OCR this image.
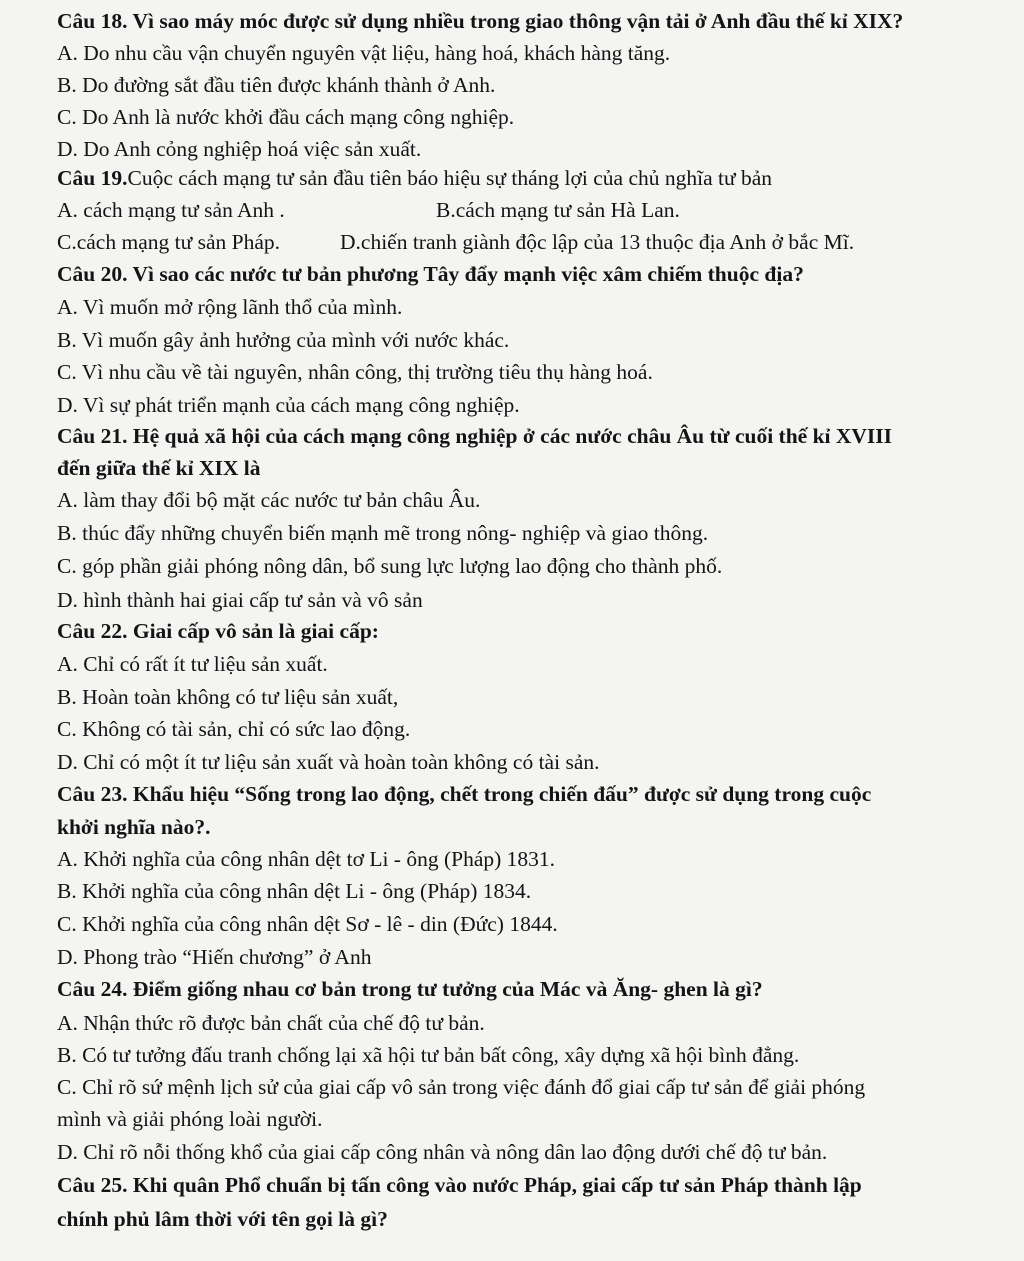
Câu 18. Vì sao máy móc được sử dụng nhiều trong giao thông vận tải ở Anh đầu thế kỉ XIX?
A. Do nhu cầu vận chuyển nguyên vật liệu, hàng hoá, khách hàng tăng.
B. Do đường sắt đầu tiên được khánh thành ở Anh.
C. Do Anh là nước khởi đầu cách mạng công nghiệp.
D. Do Anh cỏng nghiệp hoá việc sản xuất.
Câu 19.Cuộc cách mạng tư sản đầu tiên báo hiệu sự tháng lợi của chủ nghĩa tư bản
A. cách mạng tư sản Anh .	B.cách mạng tư sản Hà Lan.
C.cách mạng tư sản Pháp.	D.chiến tranh giành độc lập của 13 thuộc địa Anh ở bắc Mĩ.
Câu 20. Vì sao các nước tư bản phương Tây đẩy mạnh việc xâm chiếm thuộc địa?
A. Vì muốn mở rộng lãnh thổ của mình.
B. Vì muốn gây ảnh hưởng của mình với nước khác.
C. Vì nhu cầu về tài nguyên, nhân công, thị trường tiêu thụ hàng hoá.
D. Vì sự phát triển mạnh của cách mạng công nghiệp.
Câu 21. Hệ quả xã hội của cách mạng công nghiệp ở các nước châu Âu từ cuối thế kỉ XVIII
đến giữa thế kỉ XIX là
A. làm thay đổi bộ mặt các nước tư bản châu Âu.
B. thúc đẩy những chuyển biến mạnh mẽ trong nông- nghiệp và giao thông.
C. góp phần giải phóng nông dân, bổ sung lực lượng lao động cho thành phố.
D. hình thành hai giai cấp tư sản và vô sản
Câu 22. Giai cấp vô sản là giai cấp:
A. Chỉ có rất ít tư liệu sản xuất.
B. Hoàn toàn không có tư liệu sản xuất,
C. Không có tài sản, chỉ có sức lao động.
D. Chỉ có một ít tư liệu sản xuất và hoàn toàn không có tài sản.
Câu 23. Khẩu hiệu “Sống trong lao động, chết trong chiến đấu” được sử dụng trong cuộc
khởi nghĩa nào?.
A. Khởi nghĩa của công nhân dệt tơ Li - ông (Pháp) 1831.
B. Khởi nghĩa của công nhân dệt Li - ông (Pháp) 1834.
C. Khởi nghĩa của công nhân dệt Sơ - lê - din (Đức) 1844.
D. Phong trào “Hiến chương” ở Anh
Câu 24. Điểm giống nhau cơ bản trong tư tưởng của Mác và Ăng- ghen là gì?
A. Nhận thức rõ được bản chất của chế độ tư bản.
B. Có tư tưởng đấu tranh chống lại xã hội tư bản bất công, xây dựng xã hội bình đẳng.
C. Chỉ rõ sứ mệnh lịch sử của giai cấp vô sản trong việc đánh đổ giai cấp tư sản để giải phóng
mình và giải phóng loài người.
D. Chỉ rõ nỗi thống khổ của giai cấp công nhân và nông dân lao động dưới chế độ tư bản.
Câu 25. Khi quân Phổ chuẩn bị tấn công vào nước Pháp, giai cấp tư sản Pháp thành lập
chính phủ lâm thời với tên gọi là gì?
